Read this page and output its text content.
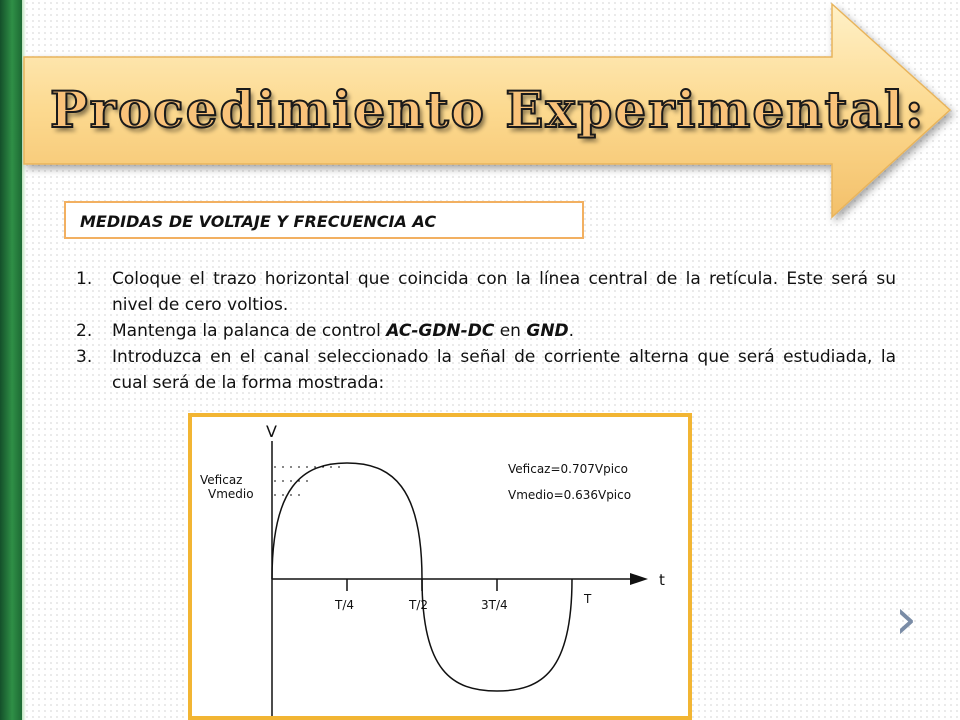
Procedimiento Experimental:
MEDIDAS DE VOLTAJE Y FRECUENCIA AC
1. Coloque el trazo horizontal que coincida con la línea central de la retícula. Este será su nivel de cero voltios.
2. Mantenga la palanca de control AC-GDN-DC en GND.
3. Introduzca en el canal seleccionado la señal de corriente alterna que será estudiada, la cual será de la forma mostrada:
V
t
Veficaz
Vmedio
Veficaz=0.707Vpico
Vmedio=0.636Vpico
T/4	T/2	3T/4	T	›
